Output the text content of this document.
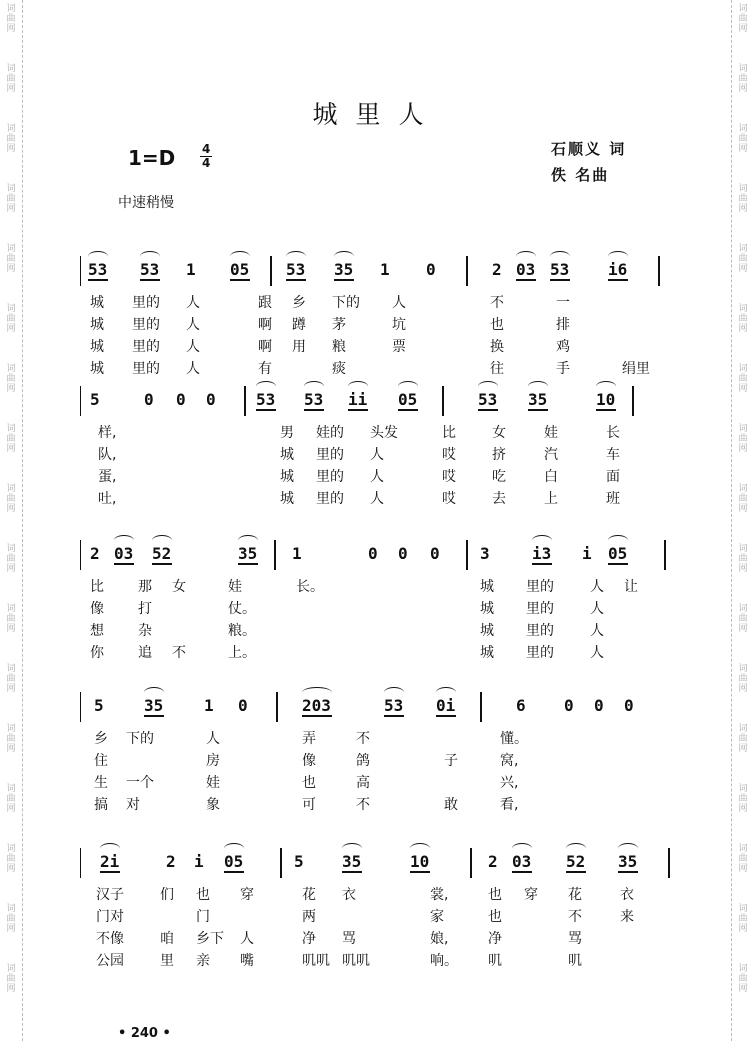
词曲网
词曲网
词曲网
词曲网
词曲网
词曲网
词曲网
词曲网
词曲网
词曲网
词曲网
词曲网
词曲网
词曲网
词曲网
词曲网
词曲网
词曲网
词曲网
词曲网
词曲网
词曲网
词曲网
词曲网
词曲网
词曲网
词曲网
词曲网
词曲网
词曲网
词曲网
词曲网
词曲网
词曲网
城里人
1=D 4
4
石顺义 词
佚 名曲
中速稍慢
53 53 1 05 53 35 1 0	2 03 53 i6
城 里的 人	跟 乡 下的 人	不	一
城 里的 人	啊 蹲 茅	坑	也	排
城 里的 人	啊 用 粮	票	换	鸡
城 里的 人	有	痰	往	手	绢里
5	0 0 0	53 53 ii 05	53 35	10
样,	男 娃的 头发	比	女	娃	长
队,	城 里的 人	哎	挤	汽	车
蛋,	城 里的 人	哎	吃	白	面
吐,	城 里的 人	哎	去	上	班
2 03 52	35 1	0 0 0	3	i3 i 05
比 那 女	娃	长。	城 里的	人 让
像 打	仗。	城 里的	人
想 杂	粮。	城 里的	人
你 追 不	上。	城 里的	人
5	35	1 0	203	53 0i	6 0 0 0
乡 下的	人	弄	不	懂。
住	房	像	鸽	子	窝,
生 一个	娃	也	高	兴,
搞 对	象	可	不	敢	看,
2i	2 i 05	5 35	10	2 03 52 35
汉子	们 也 穿	花 衣	裳,	也 穿 花	衣
门对	门	两	家	也	不	来
不像	咱 乡下 人	净 骂	娘,	净	骂
公园	里 亲 嘴	叽叽 叽叽	响。 叽	叽
• 240 •
